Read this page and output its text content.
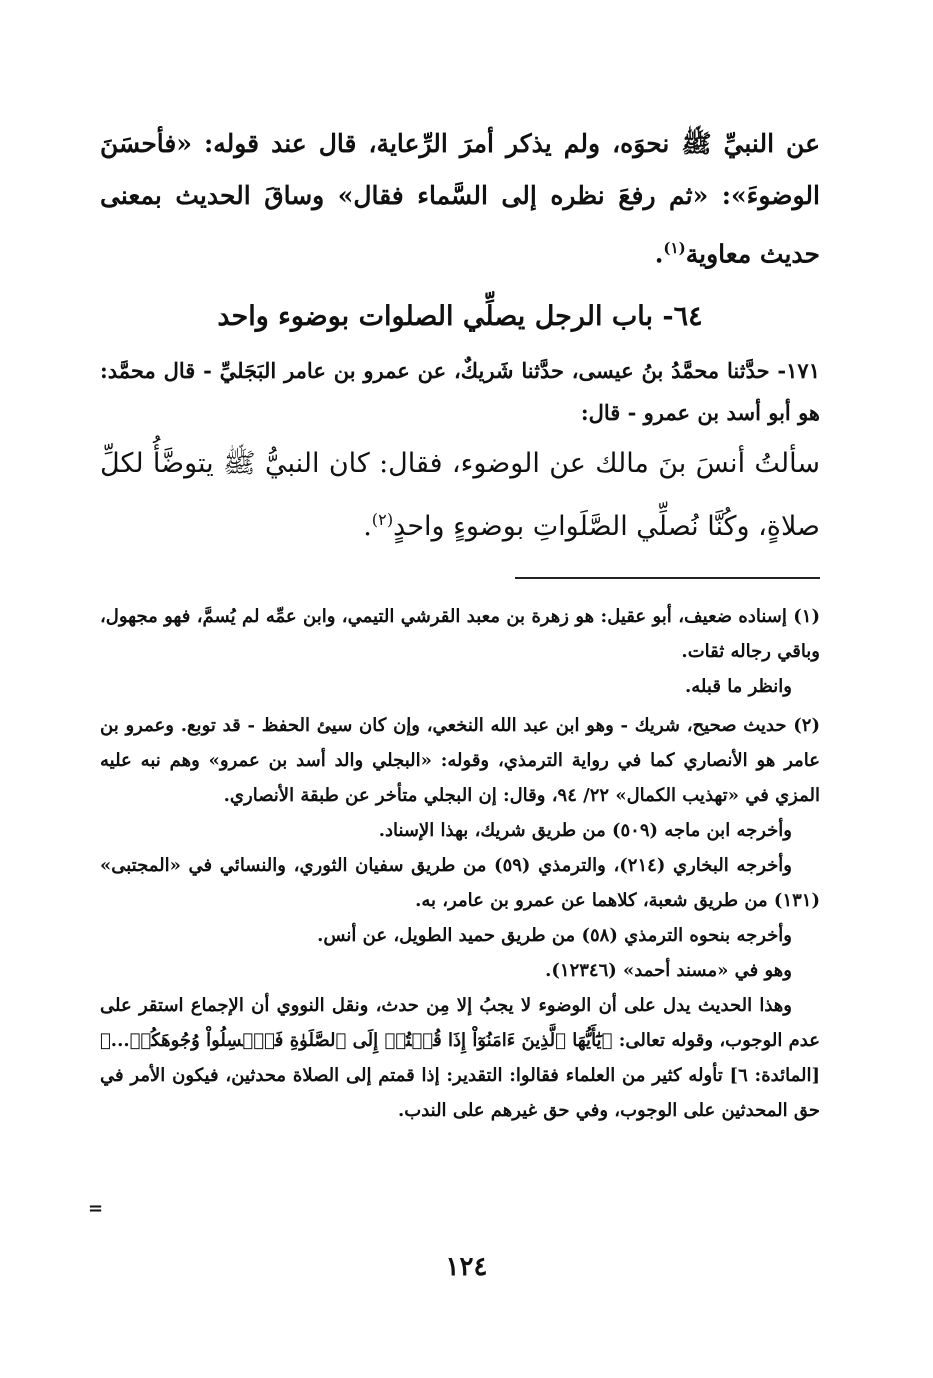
عن النبيِّ ﷺ نحوَه، ولم يذكر أمرَ الرِّعاية، قال عند قوله: «فأحسَنَ الوضوءَ»: «ثم رفعَ نظره إلى السَّماء فقال» وساقَ الحديث بمعنى حديث معاوية$^{(١)}$.

٦٤- باب الرجل يصلِّي الصلوات بوضوء واحد

١٧١- حدَّثنا محمَّدُ بنُ عيسى، حدَّثنا شَريكٌ، عن عمرو بن عامر البَجَليِّ - قال محمَّد: هو أبو أسد بن عمرو - قال:

سألتُ أنسَ بنَ مالك عن الوضوء، فقال: كان النبيُّ ﷺ يتوضَّأُ لكلِّ صلاةٍ، وكُنَّا نُصلِّي الصَّلَواتِ بوضوءٍ واحدٍ$^{(٢)}$.

(١) إسناده ضعيف، أبو عقيل: هو زهرة بن معبد القرشي التيمي، وابن عمِّه لم يُسمَّ، فهو مجهول، وباقي رجاله ثقات.

وانظر ما قبله.

(٢) حديث صحيح، شريك - وهو ابن عبد الله النخعي، وإن كان سيئ الحفظ - قد توبع. وعمرو بن عامر هو الأنصاري كما في رواية الترمذي، وقوله: «البجلي والد أسد بن عمرو» وهم نبه عليه المزي في «تهذيب الكمال» ٢٢/ ٩٤، وقال: إن البجلي متأخر عن طبقة الأنصاري.

وأخرجه ابن ماجه (٥٠٩) من طريق شريك، بهذا الإسناد.

وأخرجه البخاري (٢١٤)، والترمذي (٥٩) من طريق سفيان الثوري، والنسائي في «المجتبى» (١٣١) من طريق شعبة، كلاهما عن عمرو بن عامر، به.

وأخرجه بنحوه الترمذي (٥٨) من طريق حميد الطويل، عن أنس.

وهو في «مسند أحمد» (١٢٣٤٦).

وهذا الحديث يدل على أن الوضوء لا يجبُ إلا مِن حدث، ونقل النووي أن الإجماع استقر على عدم الوجوب، وقوله تعالى: ﴿يَٰٓأَيُّهَا ٱلَّذِينَ ءَامَنُوٓاْ إِذَا قُمۡتُمۡ إِلَى ٱلصَّلَوٰةِ فَٱغۡسِلُواْ وُجُوهَكُمۡ...﴾ [المائدة: ٦] تأوله كثير من العلماء فقالوا: التقدير: إذا قمتم إلى الصلاة محدثين، فيكون الأمر في حق المحدثين على الوجوب، وفي حق غيرهم على الندب.

=
١٢٤
